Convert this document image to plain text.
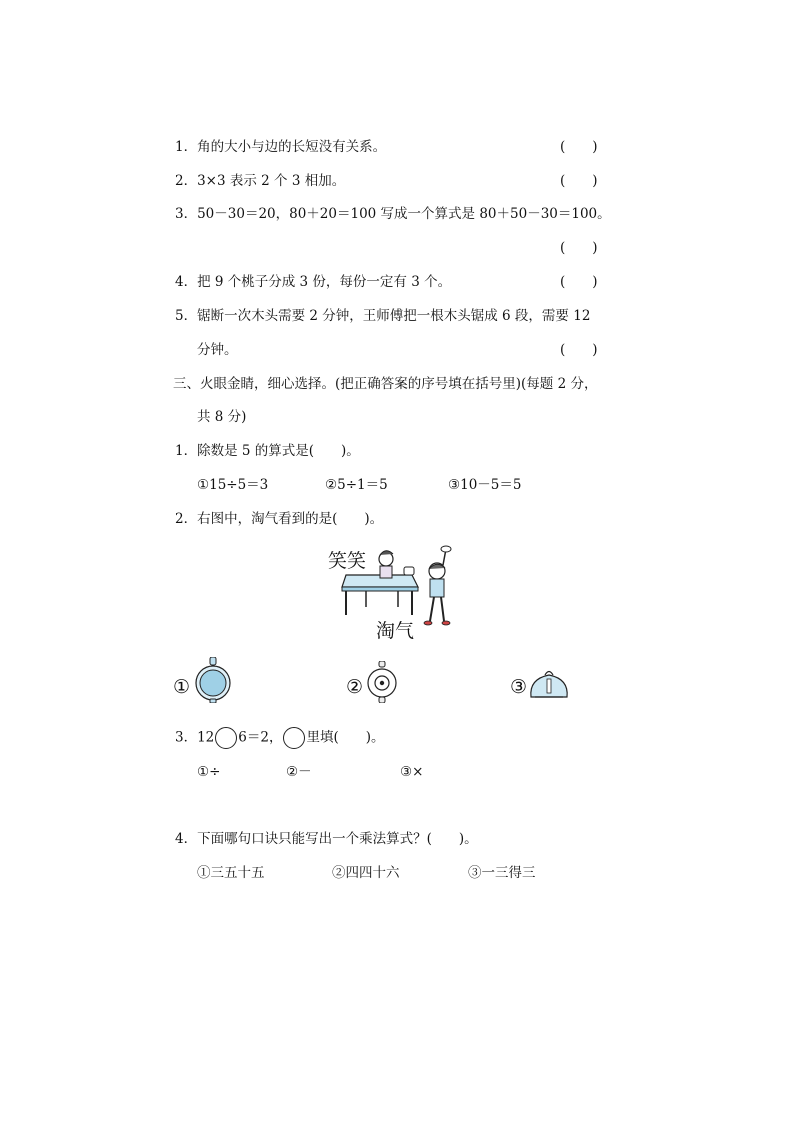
1．角的大小与边的长短没有关系。	(　　)
2．3×3 表示 2 个 3 相加。	(　　)
3．50－30＝20，80＋20＝100 写成一个算式是 80＋50－30＝100。
(　　)
4．把 9 个桃子分成 3 份，每份一定有 3 个。	(　　)
5．锯断一次木头需要 2 分钟，王师傅把一根木头锯成 6 段，需要 12
分钟。	(　　)
三、火眼金睛，细心选择。(把正确答案的序号填在括号里)(每题 2 分，
共 8 分)
1．除数是 5 的算式是(　　)。
①15÷5＝3	②5÷1＝5	③10－5＝5
2．右图中，淘气看到的是(　　)。
笑笑
淘气
①	②	③
3．12 6＝2， 里填(　　)。
①÷	②－	③×
4．下面哪句口诀只能写出一个乘法算式？(　　)。
①三五十五	②四四十六	③一三得三
